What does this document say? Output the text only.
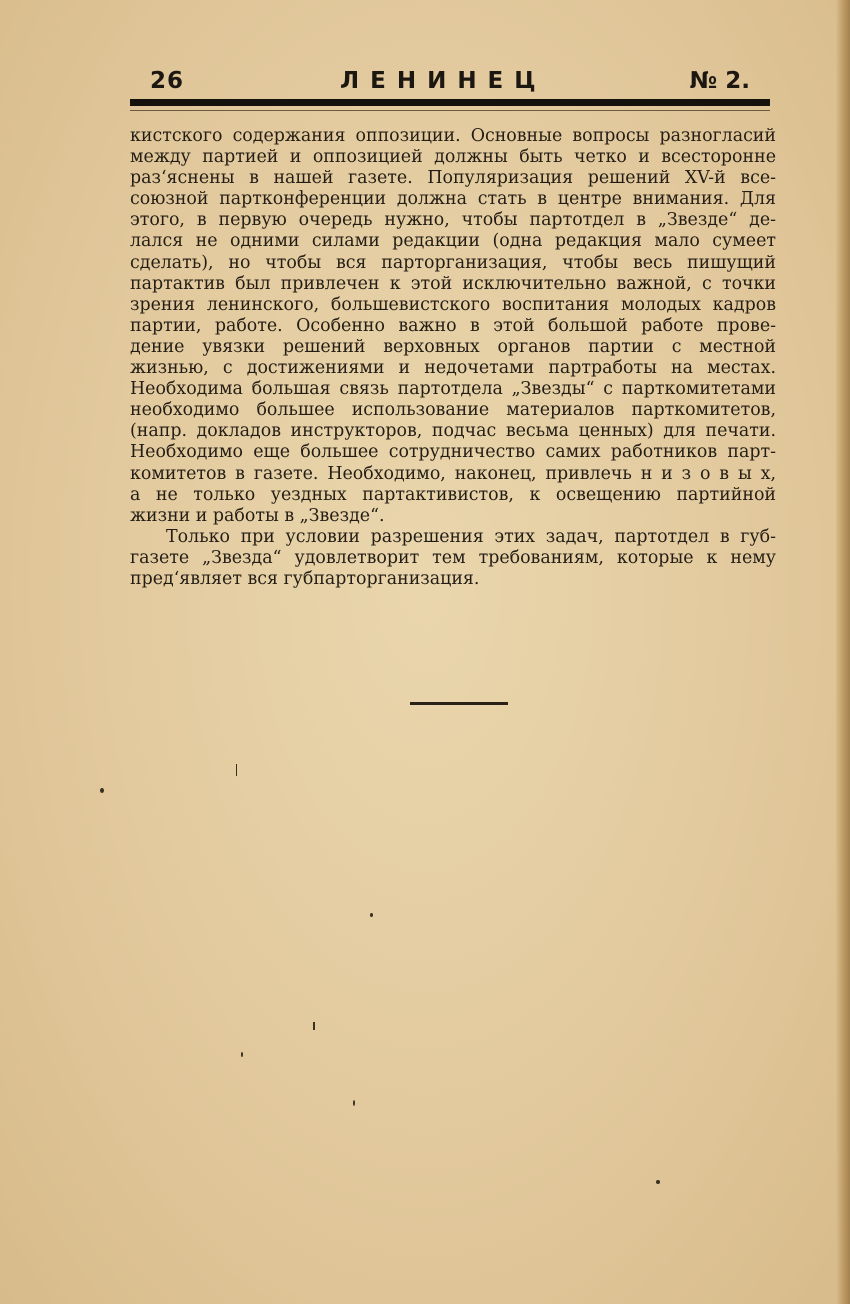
26	ЛЕНИНЕЦ	№ 2.
кистского содержания оппозиции. Основные вопросы разногласий
между партией и оппозицией должны быть четко и всесторонне
раз‘яснены в нашей газете. Популяризация решений XV-й все-
союзной партконференции должна стать в центре внимания. Для
этого, в первую очередь нужно, чтобы партотдел в „Звезде“ де-
лался не одними силами редакции (одна редакция мало сумеет
сделать), но чтобы вся парторганизация, чтобы весь пишущий
партактив был привлечен к этой исключительно важной, с точки
зрения ленинского, большевистского воспитания молодых кадров
партии, работе. Особенно важно в этой большой работе прове-
дение увязки решений верховных органов партии с местной
жизнью, с достижениями и недочетами партработы на местах.
Необходима большая связь партотдела „Звезды“ с парткомитетами
необходимо большее использование материалов парткомитетов,
(напр. докладов инструкторов, подчас весьма ценных) для печати.
Необходимо еще большее сотрудничество самих работников парт-
комитетов в газете. Необходимо, наконец, привлечь н и з о в ы х,
а не только уездных партактивистов, к освещению партийной
жизни и работы в „Звезде“.
Только при условии разрешения этих задач, партотдел в губ-
газете „Звезда“ удовлетворит тем требованиям, которые к нему
пред‘являет вся губпарторганизация.
